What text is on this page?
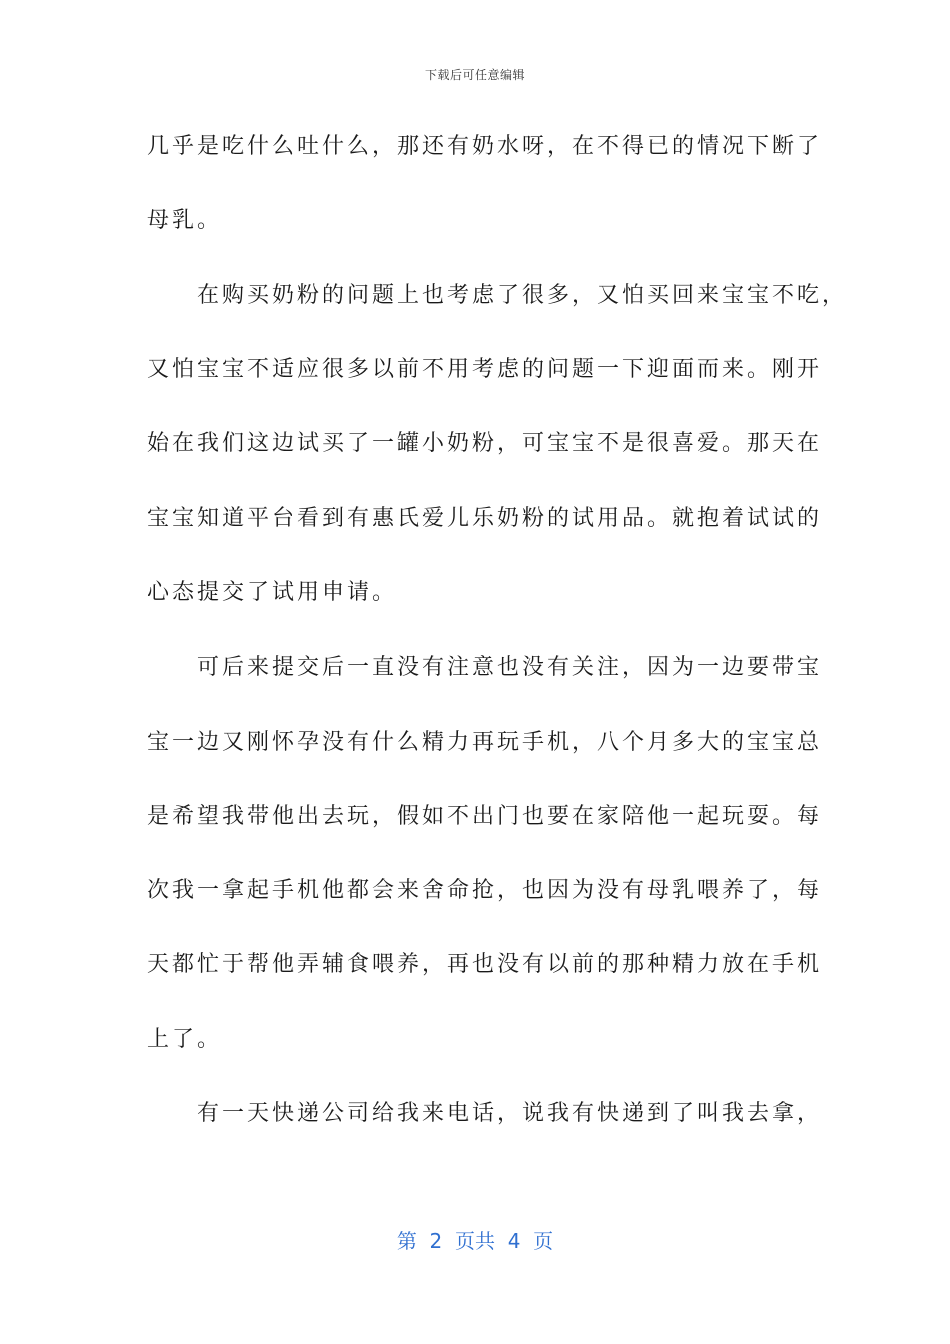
下载后可任意编辑
几乎是吃什么吐什么，那还有奶水呀，在不得已的情况下断了
母乳。
　　在购买奶粉的问题上也考虑了很多，又怕买回来宝宝不吃，
又怕宝宝不适应很多以前不用考虑的问题一下迎面而来。刚开
始在我们这边试买了一罐小奶粉，可宝宝不是很喜爱。那天在
宝宝知道平台看到有惠氏爱儿乐奶粉的试用品。就抱着试试的
心态提交了试用申请。
　　可后来提交后一直没有注意也没有关注，因为一边要带宝
宝一边又刚怀孕没有什么精力再玩手机，八个月多大的宝宝总
是希望我带他出去玩，假如不出门也要在家陪他一起玩耍。每
次我一拿起手机他都会来舍命抢，也因为没有母乳喂养了，每
天都忙于帮他弄辅食喂养，再也没有以前的那种精力放在手机
上了。
　　有一天快递公司给我来电话，说我有快递到了叫我去拿，
第 2 页共 4 页
